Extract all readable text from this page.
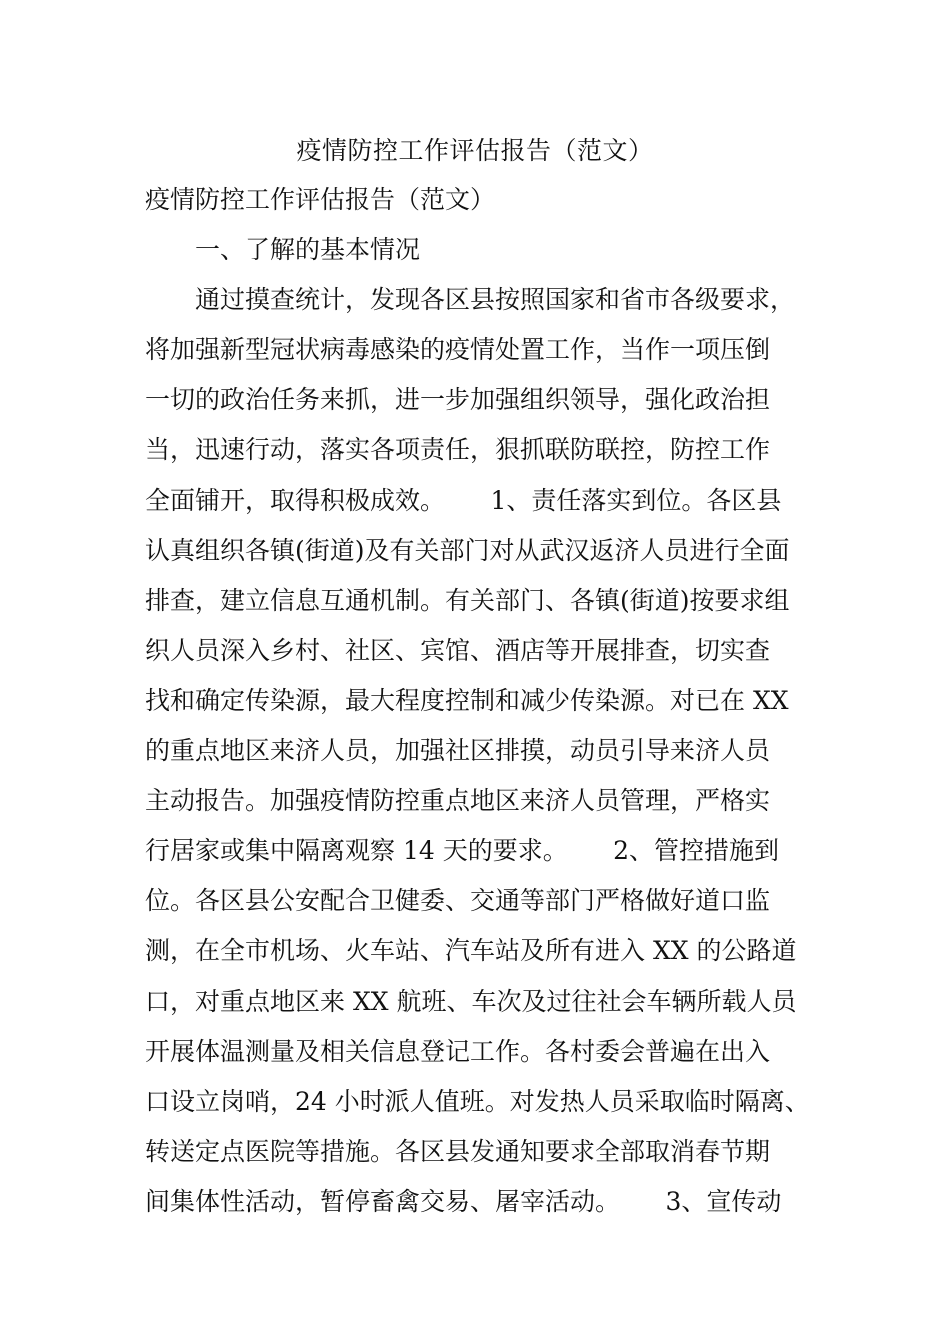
疫情防控工作评估报告（范文）
疫情防控工作评估报告（范文）
　　一、了解的基本情况
　　通过摸查统计，发现各区县按照国家和省市各级要求，
将加强新型冠状病毒感染的疫情处置工作，当作一项压倒
一切的政治任务来抓，进一步加强组织领导，强化政治担
当，迅速行动，落实各项责任，狠抓联防联控，防控工作
全面铺开，取得积极成效。　　 1、责任落实到位。各区县
认真组织各镇(街道)及有关部门对从武汉返济人员进行全面
排查，建立信息互通机制。有关部门、各镇(街道)按要求组
织人员深入乡村、社区、宾馆、酒店等开展排查，切实查
找和确定传染源，最大程度控制和减少传染源。对已在 XX
的重点地区来济人员，加强社区排摸，动员引导来济人员
主动报告。加强疫情防控重点地区来济人员管理，严格实
行居家或集中隔离观察 14 天的要求。　　 2、管控措施到
位。各区县公安配合卫健委、交通等部门严格做好道口监
测，在全市机场、火车站、汽车站及所有进入 XX 的公路道
口，对重点地区来 XX 航班、车次及过往社会车辆所载人员
开展体温测量及相关信息登记工作。各村委会普遍在出入
口设立岗哨，24 小时派人值班。对发热人员采取临时隔离、
转送定点医院等措施。各区县发通知要求全部取消春节期
间集体性活动，暂停畜禽交易、屠宰活动。　　 3、宣传动
